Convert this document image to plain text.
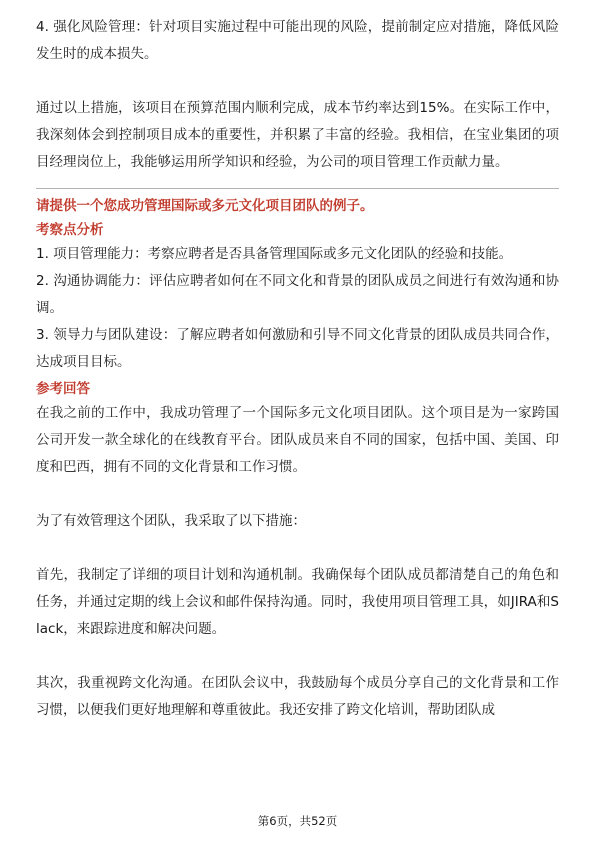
4. 强化风险管理：针对项目实施过程中可能出现的风险，提前制定应对措施，降低风险发生时的成本损失。

通过以上措施，该项目在预算范围内顺利完成，成本节约率达到15%。在实际工作中，我深刻体会到控制项目成本的重要性，并积累了丰富的经验。我相信，在宝业集团的项目经理岗位上，我能够运用所学知识和经验，为公司的项目管理工作贡献力量。

请提供一个您成功管理国际或多元文化项目团队的例子。

考察点分析

1. 项目管理能力：考察应聘者是否具备管理国际或多元文化团队的经验和技能。

2. 沟通协调能力：评估应聘者如何在不同文化和背景的团队成员之间进行有效沟通和协调。

3. 领导力与团队建设：了解应聘者如何激励和引导不同文化背景的团队成员共同合作，达成项目目标。

参考回答

在我之前的工作中，我成功管理了一个国际多元文化项目团队。这个项目是为一家跨国公司开发一款全球化的在线教育平台。团队成员来自不同的国家，包括中国、美国、印度和巴西，拥有不同的文化背景和工作习惯。

为了有效管理这个团队，我采取了以下措施：

首先，我制定了详细的项目计划和沟通机制。我确保每个团队成员都清楚自己的角色和任务，并通过定期的线上会议和邮件保持沟通。同时，我使用项目管理工具，如JIRA和Slack，来跟踪进度和解决问题。

其次，我重视跨文化沟通。在团队会议中，我鼓励每个成员分享自己的文化背景和工作习惯，以便我们更好地理解和尊重彼此。我还安排了跨文化培训，帮助团队成

第6页，共52页
